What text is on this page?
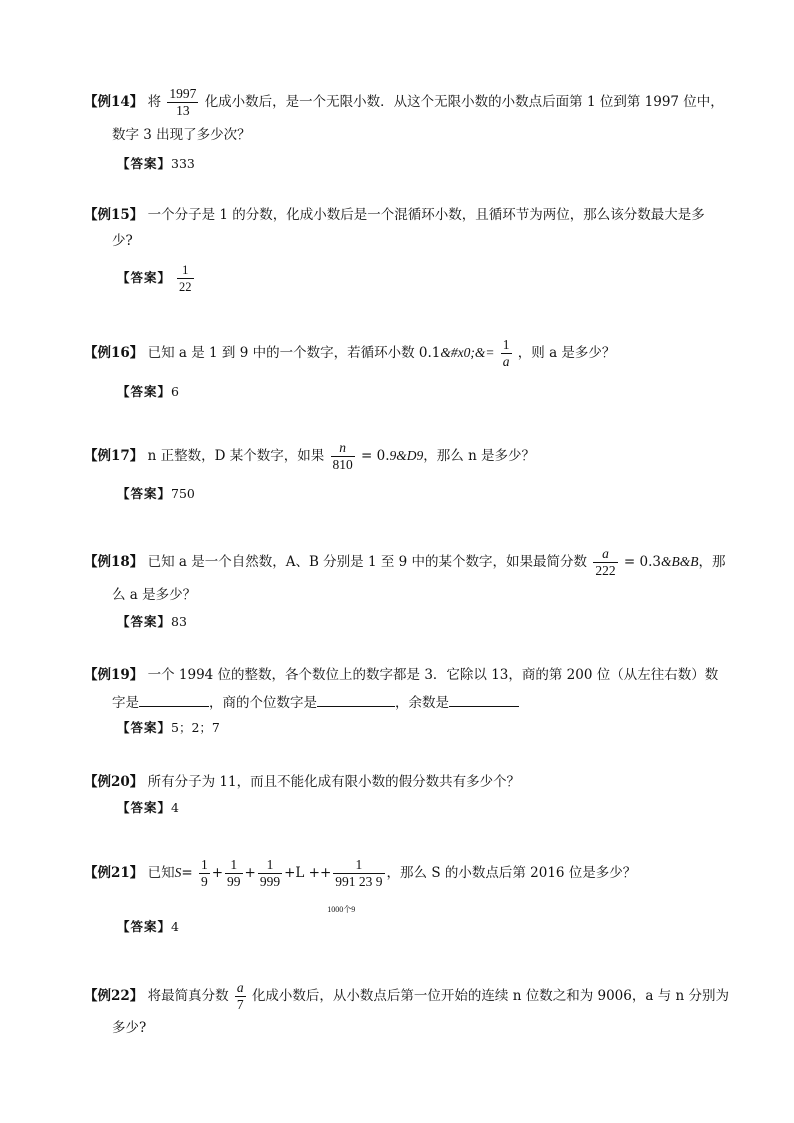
【例14】 将 $\frac{1997}{13}$ 化成小数后，是一个无限小数．从这个无限小数的小数点后面第 1 位到第 1997 位中，
数字 3 出现了多少次？
【答案】333
【例15】 一个分子是 1 的分数，化成小数后是一个混循环小数，且循环节为两位，那么该分数最大是多
少?
【答案】 $\frac{1}{22}$
【例16】 已知 a 是 1 到 9 中的一个数字，若循环小数 0.1&#x0;&= $\frac{1}{a}$ ，则 a 是多少？
【答案】6
【例17】 n 正整数，D 某个数字，如果 $\frac{n}{810}$ = 0.9&D9，那么 n 是多少？
【答案】750
【例18】 已知 a 是一个自然数，A、B 分别是 1 至 9 中的某个数字，如果最简分数 $\frac{a}{222}$ = 0.3&B&B，那
么 a 是多少？
【答案】83
【例19】 一个 1994 位的整数，各个数位上的数字都是 3．它除以 13，商的第 200 位（从左往右数）数
字是	，商的个位数字是	，余数是
【答案】5；2；7
【例20】 所有分子为 11，而且不能化成有限小数的假分数共有多少个？
【答案】4
【例21】 已知$S= \frac{1}{9} + \frac{1}{99} + \frac{1}{999} +L ++ 1$
991 23 9
1000个9 ，那么 S 的小数点后第 2016 位是多少？
【答案】4
【例22】 将最简真分数 $\frac{a}{7}$ 化成小数后，从小数点后第一位开始的连续 n 位数之和为 9006，a 与 n 分别为
多少?
